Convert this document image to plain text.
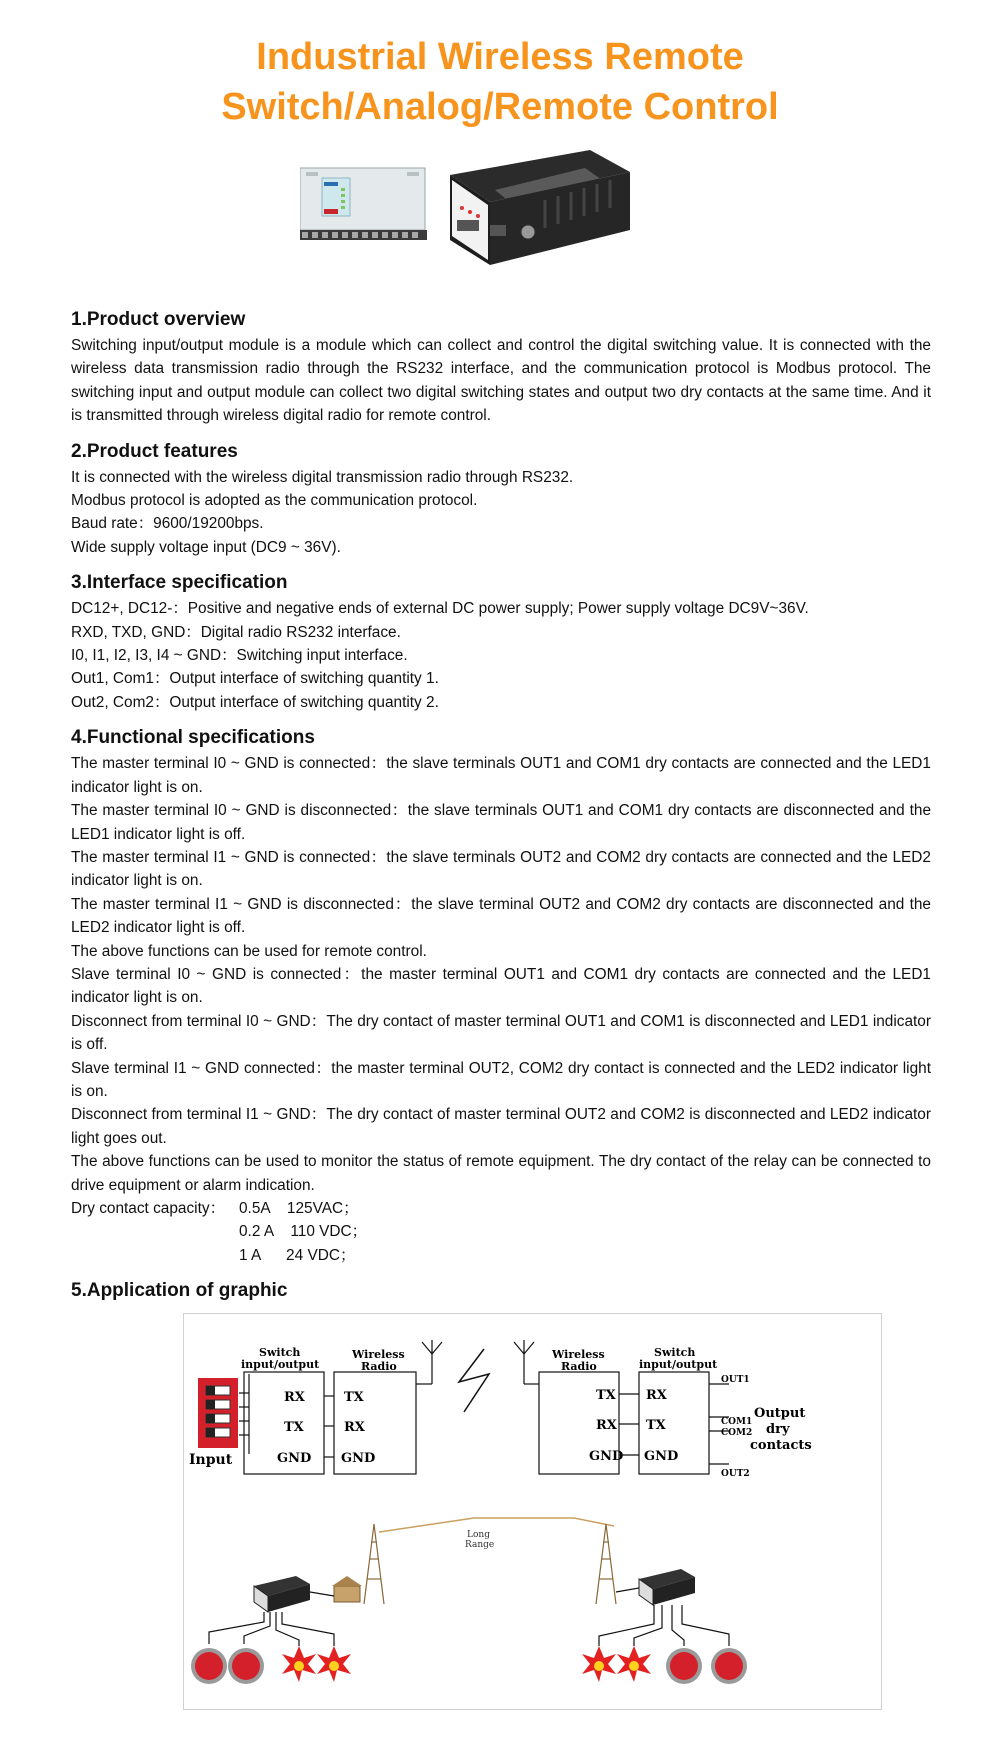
Industrial Wireless Remote
Switch/Analog/Remote Control
1.Product overview
Switching input/output module is a module which can collect and control the digital switching value. It is connected with the wireless data transmission radio through the RS232 interface, and the communication protocol is Modbus protocol. The switching input and output module can collect two digital switching states and output two dry contacts at the same time. And it is transmitted through wireless digital radio for remote control.
2.Product features
It is connected with the wireless digital transmission radio through RS232.
Modbus protocol is adopted as the communication protocol.
Baud rate：9600/19200bps.
Wide supply voltage input (DC9 ~ 36V).
3.Interface specification
DC12+, DC12-：Positive and negative ends of external DC power supply; Power supply voltage DC9V~36V.
RXD, TXD, GND：Digital radio RS232 interface.
I0, I1, I2, I3, I4 ~ GND：Switching input interface.
Out1, Com1：Output interface of switching quantity 1.
Out2, Com2：Output interface of switching quantity 2.
4.Functional specifications
The master terminal I0 ~ GND is connected：the slave terminals OUT1 and COM1 dry contacts are connected and the LED1 indicator light is on.
The master terminal I0 ~ GND is disconnected：the slave terminals OUT1 and COM1 dry contacts are disconnected and the LED1 indicator light is off.
The master terminal I1 ~ GND is connected：the slave terminals OUT2 and COM2 dry contacts are connected and the LED2 indicator light is on.
The master terminal I1 ~ GND is disconnected：the slave terminal OUT2 and COM2 dry contacts are disconnected and the LED2 indicator light is off.
The above functions can be used for remote control.
Slave terminal I0 ~ GND is connected：the master terminal OUT1 and COM1 dry contacts are connected and the LED1 indicator light is on.
Disconnect from terminal I0 ~ GND：The dry contact of master terminal OUT1 and COM1 is disconnected and LED1 indicator is off.
Slave terminal I1 ~ GND connected：the master terminal OUT2, COM2 dry contact is connected and the LED2 indicator light is on.
Disconnect from terminal I1 ~ GND：The dry contact of master terminal OUT2 and COM2 is disconnected and LED2 indicator light goes out.
The above functions can be used to monitor the status of remote equipment. The dry contact of the relay can be connected to drive equipment or alarm indication.
Dry contact capacity： 0.5A    125VAC；
0.2 A    110 VDC；
1 A      24 VDC；
5.Application of graphic
Input
Switch
input/output
RX
TX
GND
Wireless
Radio
TX
RX
GND
Wireless
Radio
TX
RX
GND
Switch
input/output
RX
TX
GND
OUT1
COM1
COM2
OUT2
Output
dry
contacts
Long
Range
